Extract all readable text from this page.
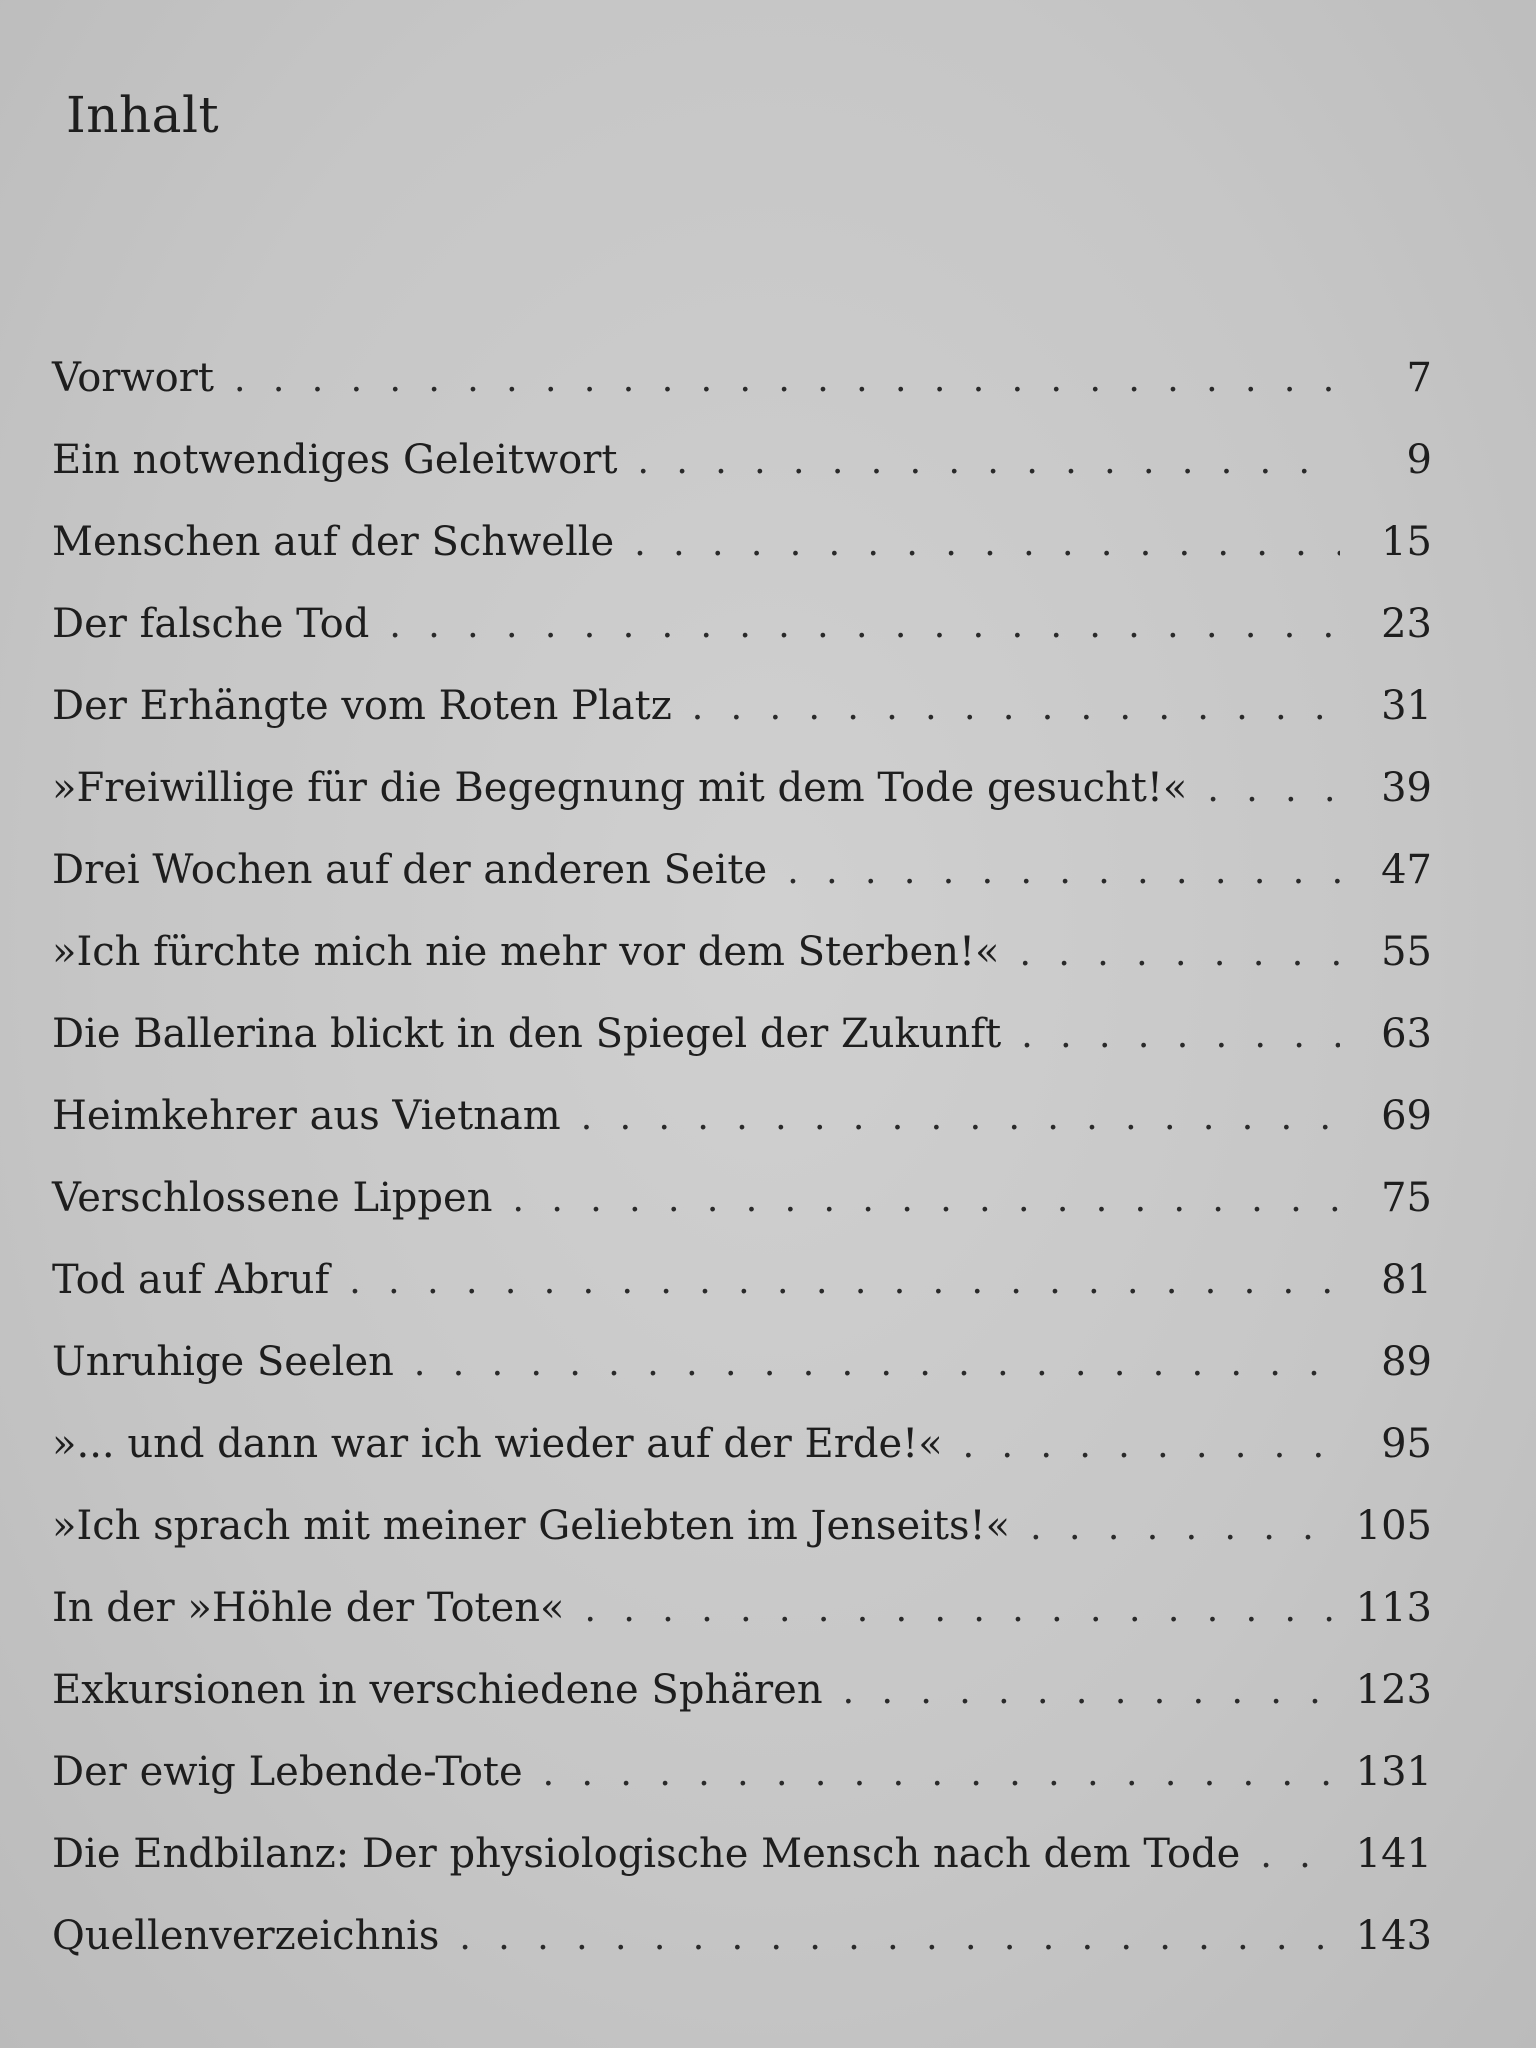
Inhalt
Vorwort . . .	7
Ein notwendiges Geleitwort . . .	9
Menschen auf der Schwelle . . .	15
Der falsche Tod . . .	23
Der Erhängte vom Roten Platz . . .	31
»Freiwillige für die Begegnung mit dem Tode gesucht!« . . .	39
Drei Wochen auf der anderen Seite . . .	47
»Ich fürchte mich nie mehr vor dem Sterben!« . . .	55
Die Ballerina blickt in den Spiegel der Zukunft . . .	63
Heimkehrer aus Vietnam . . .	69
Verschlossene Lippen . . .	75
Tod auf Abruf . . .	81
Unruhige Seelen . . .	89
»... und dann war ich wieder auf der Erde!« . . .	95
»Ich sprach mit meiner Geliebten im Jenseits!« . . .	105
In der »Höhle der Toten« . . .	113
Exkursionen in verschiedene Sphären . . .	123
Der ewig Lebende-Tote . . .	131
Die Endbilanz: Der physiologische Mensch nach dem Tode . . .	141
Quellenverzeichnis . . .	143
